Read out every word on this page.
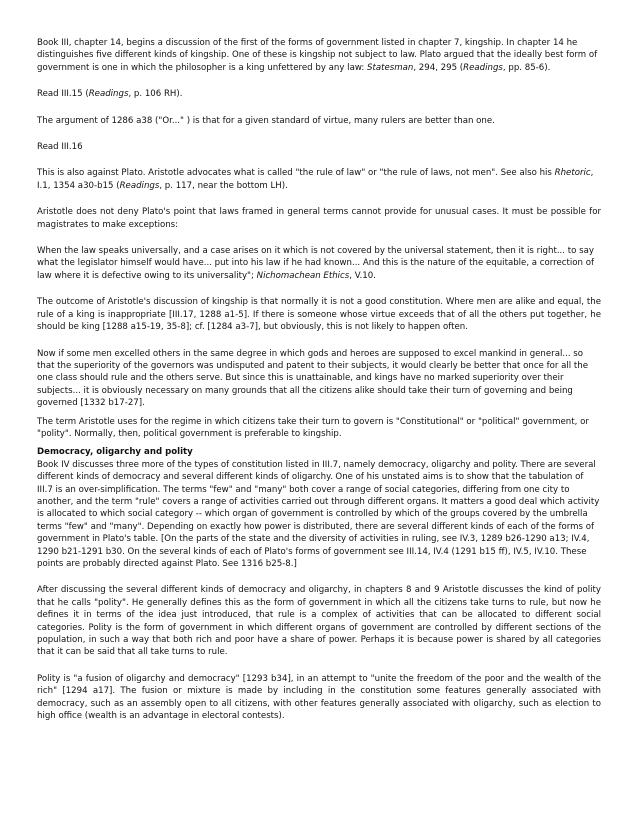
Book III, chapter 14, begins a discussion of the first of the forms of government listed in chapter 7, kingship. In chapter 14 he distinguishes five different kinds of kingship. One of these is kingship not subject to law. Plato argued that the ideally best form of government is one in which the philosopher is a king unfettered by any law: Statesman, 294, 295 (Readings, pp. 85-6).

Read III.15 (Readings, p. 106 RH).

The argument of 1286 a38 ("Or..." ) is that for a given standard of virtue, many rulers are better than one.

Read III.16

This is also against Plato. Aristotle advocates what is called "the rule of law" or "the rule of laws, not men". See also his Rhetoric, I.1, 1354 a30-b15 (Readings, p. 117, near the bottom LH).

Aristotle does not deny Plato's point that laws framed in general terms cannot provide for unusual cases. It must be possible for magistrates to make exceptions:

When the law speaks universally, and a case arises on it which is not covered by the universal statement, then it is right... to say what the legislator himself would have... put into his law if he had known... And this is the nature of the equitable, a correction of law where it is defective owing to its universality"; Nichomachean Ethics, V.10.

The outcome of Aristotle's discussion of kingship is that normally it is not a good constitution. Where men are alike and equal, the rule of a king is inappropriate [III.17, 1288 a1-5]. If there is someone whose virtue exceeds that of all the others put together, he should be king [1288 a15-19, 35-8]; cf. [1284 a3-7], but obviously, this is not likely to happen often.

Now if some men excelled others in the same degree in which gods and heroes are supposed to excel mankind in general... so that the superiority of the governors was undisputed and patent to their subjects, it would clearly be better that once for all the one class should rule and the others serve. But since this is unattainable, and kings have no marked superiority over their subjects... it is obviously necessary on many grounds that all the citizens alike should take their turn of governing and being governed [1332 b17-27].

The term Aristotle uses for the regime in which citizens take their turn to govern is "Constitutional" or "political" government, or "polity". Normally, then, political government is preferable to kingship.

Democracy, oligarchy and polity

Book IV discusses three more of the types of constitution listed in III.7, namely democracy, oligarchy and polity. There are several different kinds of democracy and several different kinds of oligarchy. One of his unstated aims is to show that the tabulation of III.7 is an over-simplification. The terms "few" and "many" both cover a range of social categories, differing from one city to another, and the term "rule" covers a range of activities carried out through different organs. It matters a good deal which activity is allocated to which social category -- which organ of government is controlled by which of the groups covered by the umbrella terms "few" and "many". Depending on exactly how power is distributed, there are several different kinds of each of the forms of government in Plato's table. [On the parts of the state and the diversity of activities in ruling, see IV.3, 1289 b26-1290 a13; IV.4, 1290 b21-1291 b30. On the several kinds of each of Plato's forms of government see III.14, IV.4 (1291 b15 ff), IV.5, IV.10. These points are probably directed against Plato. See 1316 b25-8.]

After discussing the several different kinds of democracy and oligarchy, in chapters 8 and 9 Aristotle discusses the kind of polity that he calls "polity". He generally defines this as the form of government in which all the citizens take turns to rule, but now he defines it in terms of the idea just introduced, that rule is a complex of activities that can be allocated to different social categories. Polity is the form of government in which different organs of government are controlled by different sections of the population, in such a way that both rich and poor have a share of power. Perhaps it is because power is shared by all categories that it can be said that all take turns to rule.

Polity is "a fusion of oligarchy and democracy" [1293 b34], in an attempt to "unite the freedom of the poor and the wealth of the rich" [1294 a17]. The fusion or mixture is made by including in the constitution some features generally associated with democracy, such as an assembly open to all citizens, with other features generally associated with oligarchy, such as election to high office (wealth is an advantage in electoral contests).
